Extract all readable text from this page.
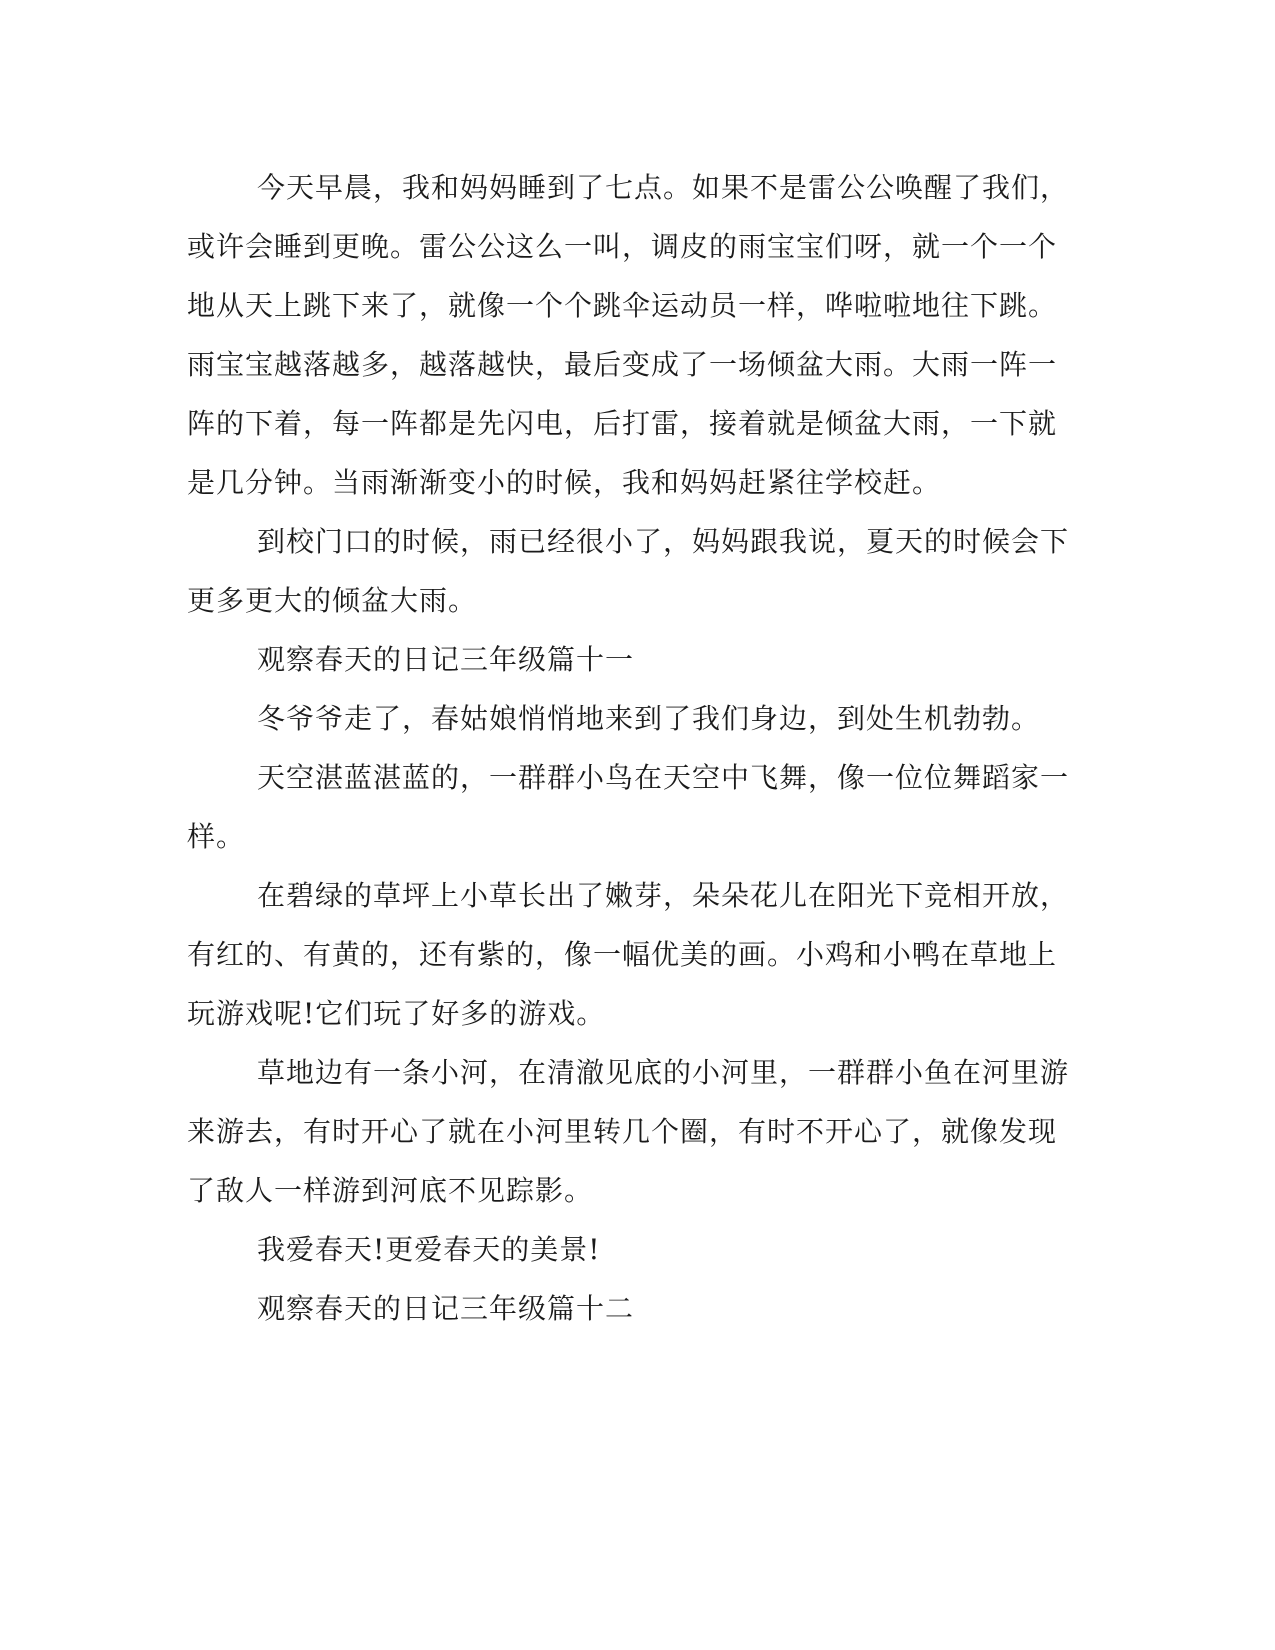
今天早晨，我和妈妈睡到了七点。如果不是雷公公唤醒了我们，
或许会睡到更晚。雷公公这么一叫，调皮的雨宝宝们呀，就一个一个
地从天上跳下来了，就像一个个跳伞运动员一样，哗啦啦地往下跳。
雨宝宝越落越多，越落越快，最后变成了一场倾盆大雨。大雨一阵一
阵的下着，每一阵都是先闪电，后打雷，接着就是倾盆大雨，一下就
是几分钟。当雨渐渐变小的时候，我和妈妈赶紧往学校赶。
到校门口的时候，雨已经很小了，妈妈跟我说，夏天的时候会下
更多更大的倾盆大雨。
观察春天的日记三年级篇十一
冬爷爷走了，春姑娘悄悄地来到了我们身边，到处生机勃勃。
天空湛蓝湛蓝的，一群群小鸟在天空中飞舞，像一位位舞蹈家一
样。
在碧绿的草坪上小草长出了嫩芽，朵朵花儿在阳光下竞相开放，
有红的、有黄的，还有紫的，像一幅优美的画。小鸡和小鸭在草地上
玩游戏呢!它们玩了好多的游戏。
草地边有一条小河，在清澈见底的小河里，一群群小鱼在河里游
来游去，有时开心了就在小河里转几个圈，有时不开心了，就像发现
了敌人一样游到河底不见踪影。
我爱春天!更爱春天的美景!
观察春天的日记三年级篇十二
